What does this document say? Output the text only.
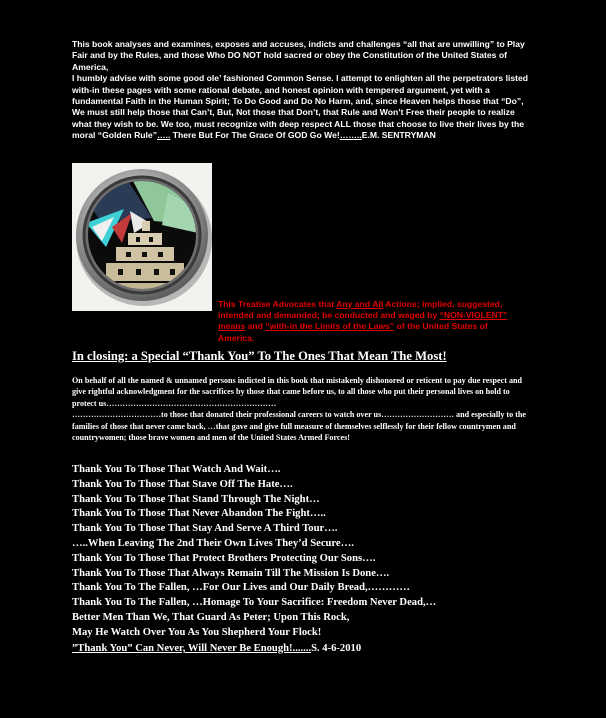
This book analyses and examines, exposes and accuses, indicts and challenges “all that are unwilling” to Play Fair and by the Rules, and those Who DO NOT hold sacred or obey the Constitution of the United States of America,

I humbly advise with some good ole’ fashioned Common Sense. I attempt to enlighten all the perpetrators listed with-in these pages with some rational debate, and honest opinion with tempered argument, yet with a fundamental Faith in the Human Spirit; To Do Good and Do No Harm, and, since Heaven helps those that “Do”, We must still help those that Can’t, But, Not those that Don’t, that Rule and Won’t Free their people to realize what they wish to be. We too, must recognize with deep respect ALL those that choose to live their lives by the moral “Golden Rule”….. There But For The Grace Of GOD Go We!……..E.M. SENTRYMAN

This Treatise Advocates that Any and All Actions; implied, suggested, intended and demanded; be conducted and waged by “NON-VIOLENT” means and “with-in the Limits of the Laws” of the United States of America.
In closing: a Special “Thank You” To The Ones That Mean The Most!

On behalf of all the named & unnamed persons indicted in this book that mistakenly dishonored or reticent to pay due respect and give rightful acknowledgment for the sacrifices by those that came before us, to all those who put their personal lives on hold to protect us………………………………………………………

……………………………to those that donated their professional careers to watch over us……………………… and especially to the families of those that never came back, …that gave and give full measure of themselves selflessly for their fellow countrymen and countrywomen; those brave women and men of the United States Armed Forces!

Thank You To Those That Watch And Wait….
Thank You To Those That Stave Off The Hate….
Thank You To Those That Stand Through The Night…
Thank You To Those That Never Abandon The Fight…..
Thank You To Those That Stay And Serve A Third Tour….
…..When Leaving The 2nd Their Own Lives They’d Secure….
Thank You To Those That Protect Brothers Protecting Our Sons….
Thank You To Those That Always Remain Till The Mission Is Done….
Thank You To The Fallen, …For Our Lives and Our Daily Bread,…………
Thank You To The Fallen, …Homage To Your Sacrifice: Freedom Never Dead,…
Better Men Than We, That Guard As Peter; Upon This Rock,
May He Watch Over You As You Shepherd Your Flock!
”Thank You” Can Never, Will Never Be Enough!.......S. 4-6-2010
